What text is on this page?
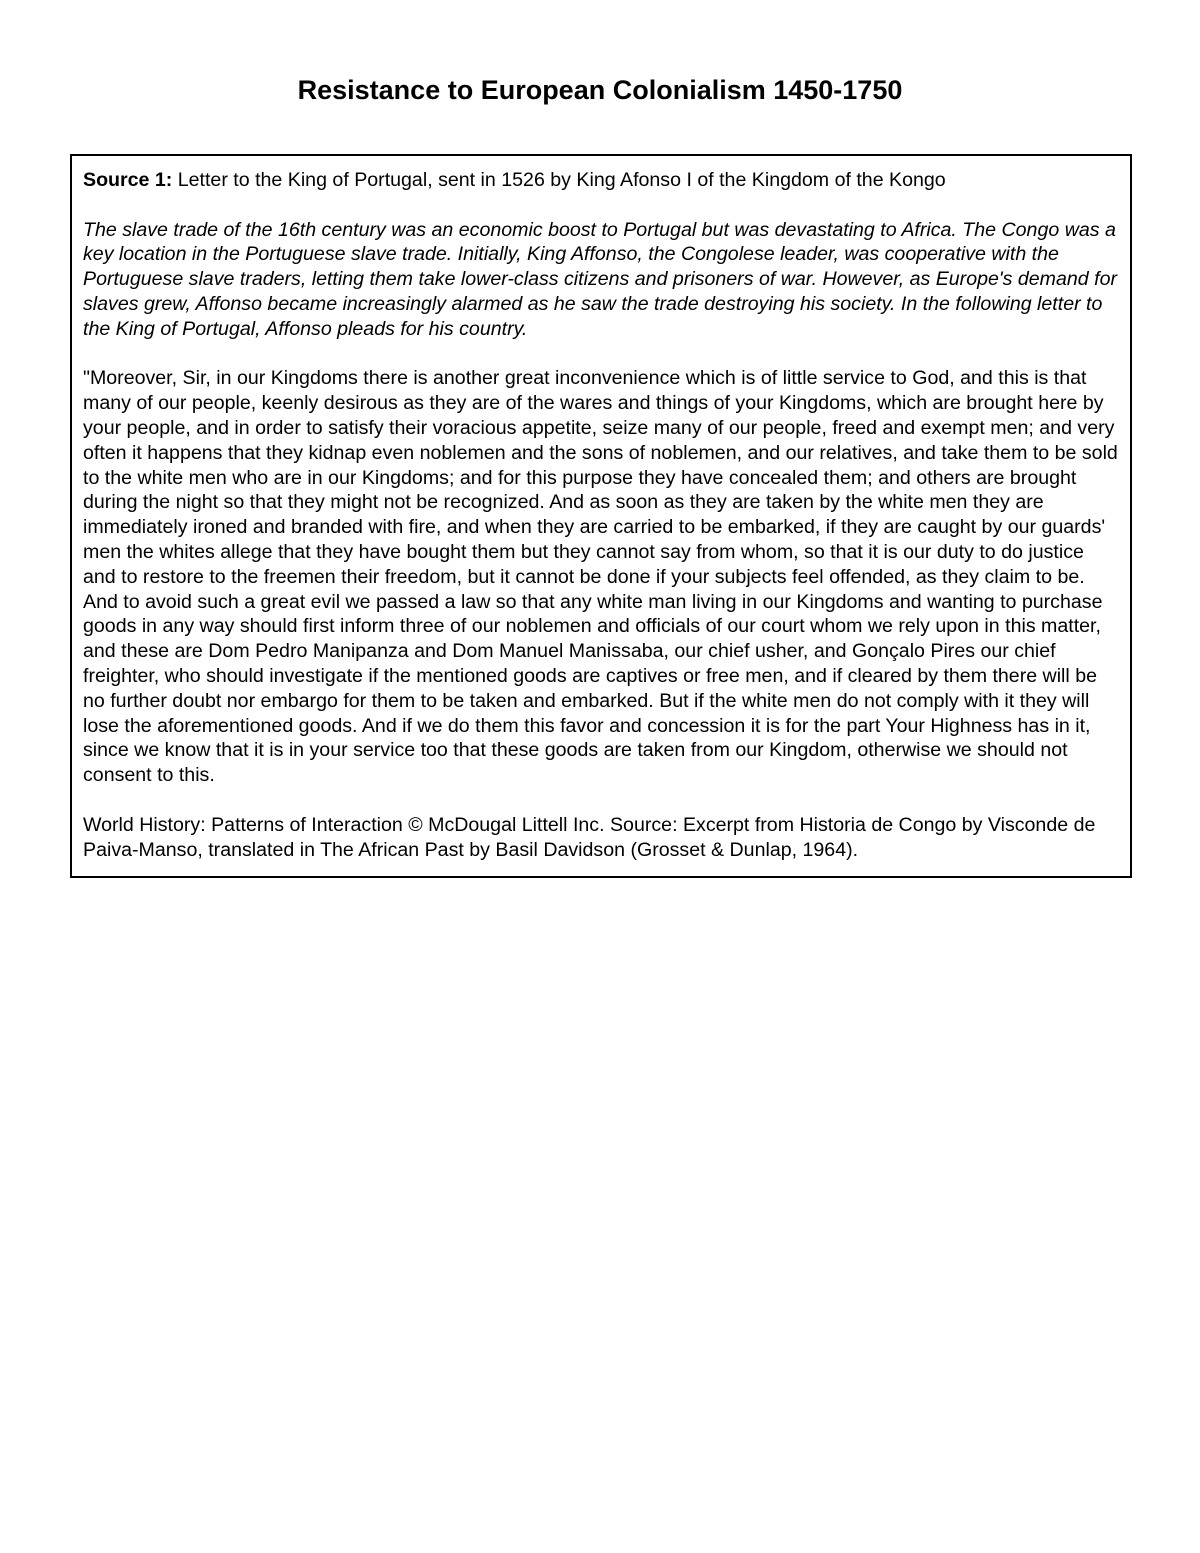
Resistance to European Colonialism 1450-1750

Source 1: Letter to the King of Portugal, sent in 1526 by King Afonso I of the Kingdom of the Kongo

The slave trade of the 16th century was an economic boost to Portugal but was devastating to Africa. The Congo was a key location in the Portuguese slave trade. Initially, King Affonso, the Congolese leader, was cooperative with the Portuguese slave traders, letting them take lower-class citizens and prisoners of war. However, as Europe's demand for slaves grew, Affonso became increasingly alarmed as he saw the trade destroying his society. In the following letter to the King of Portugal, Affonso pleads for his country.

"Moreover, Sir, in our Kingdoms there is another great inconvenience which is of little service to God, and this is that many of our people, keenly desirous as they are of the wares and things of your Kingdoms, which are brought here by your people, and in order to satisfy their voracious appetite, seize many of our people, freed and exempt men; and very often it happens that they kidnap even noblemen and the sons of noblemen, and our relatives, and take them to be sold to the white men who are in our Kingdoms; and for this purpose they have concealed them; and others are brought during the night so that they might not be recognized. And as soon as they are taken by the white men they are immediately ironed and branded with fire, and when they are carried to be embarked, if they are caught by our guards' men the whites allege that they have bought them but they cannot say from whom, so that it is our duty to do justice and to restore to the freemen their freedom, but it cannot be done if your subjects feel offended, as they claim to be. And to avoid such a great evil we passed a law so that any white man living in our Kingdoms and wanting to purchase goods in any way should first inform three of our noblemen and officials of our court whom we rely upon in this matter, and these are Dom Pedro Manipanza and Dom Manuel Manissaba, our chief usher, and Gonçalo Pires our chief freighter, who should investigate if the mentioned goods are captives or free men, and if cleared by them there will be no further doubt nor embargo for them to be taken and embarked. But if the white men do not comply with it they will lose the aforementioned goods. And if we do them this favor and concession it is for the part Your Highness has in it, since we know that it is in your service too that these goods are taken from our Kingdom, otherwise we should not consent to this.

World History: Patterns of Interaction © McDougal Littell Inc. Source: Excerpt from Historia de Congo by Visconde de Paiva-Manso, translated in The African Past by Basil Davidson (Grosset & Dunlap, 1964).
